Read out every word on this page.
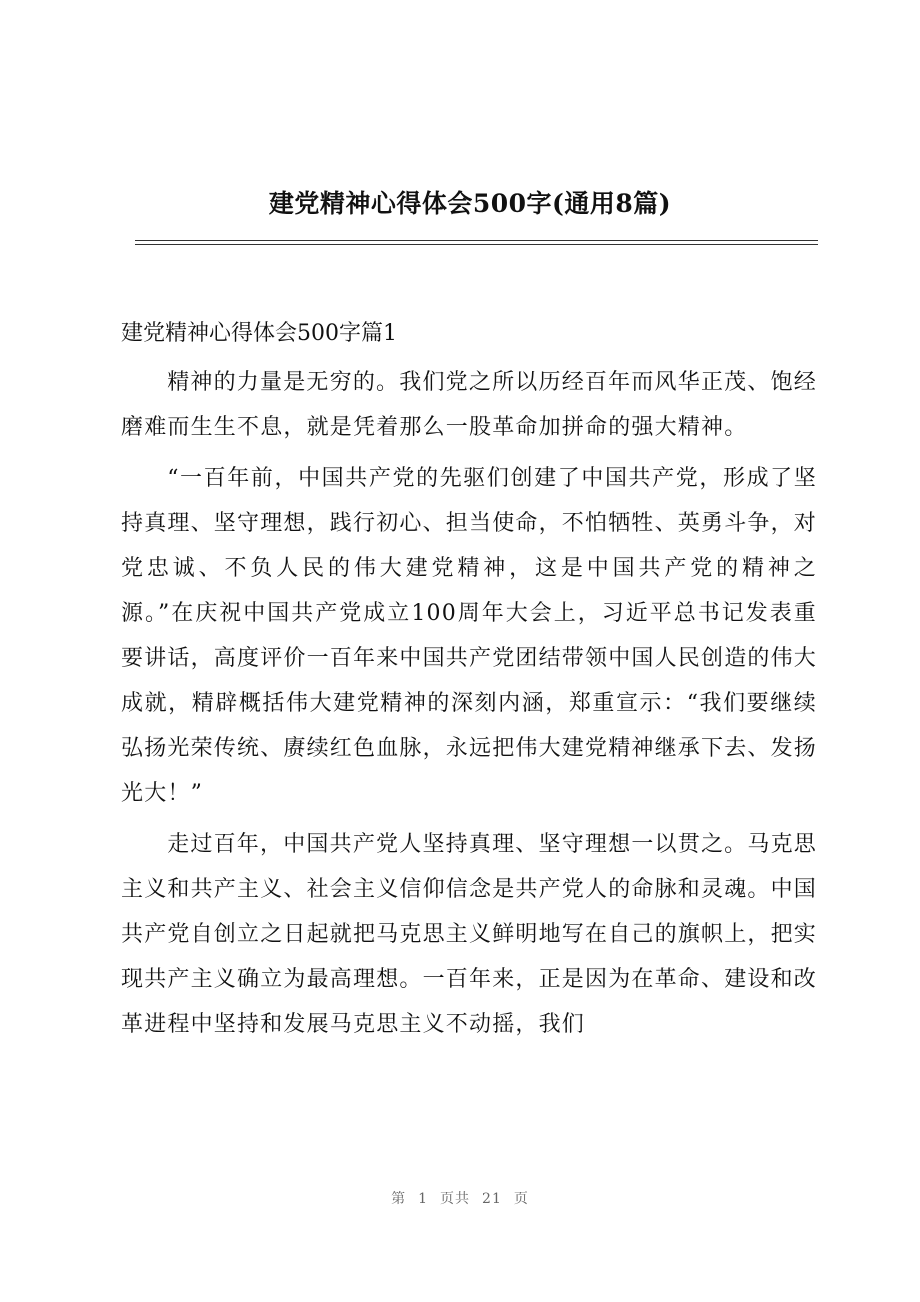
建党精神心得体会500字(通用8篇)

建党精神心得体会500字篇1

精神的力量是无穷的。我们党之所以历经百年而风华正茂、饱经磨难而生生不息，就是凭着那么一股革命加拼命的强大精神。

“一百年前，中国共产党的先驱们创建了中国共产党，形成了坚持真理、坚守理想，践行初心、担当使命，不怕牺牲、英勇斗争，对党忠诚、不负人民的伟大建党精神，这是中国共产党的精神之源。”在庆祝中国共产党成立100周年大会上，习近平总书记发表重要讲话，高度评价一百年来中国共产党团结带领中国人民创造的伟大成就，精辟概括伟大建党精神的深刻内涵，郑重宣示：“我们要继续弘扬光荣传统、赓续红色血脉，永远把伟大建党精神继承下去、发扬光大！”

走过百年，中国共产党人坚持真理、坚守理想一以贯之。马克思主义和共产主义、社会主义信仰信念是共产党人的命脉和灵魂。中国共产党自创立之日起就把马克思主义鲜明地写在自己的旗帜上，把实现共产主义确立为最高理想。一百年来，正是因为在革命、建设和改革进程中坚持和发展马克思主义不动摇，我们

第 1 页共 21 页
